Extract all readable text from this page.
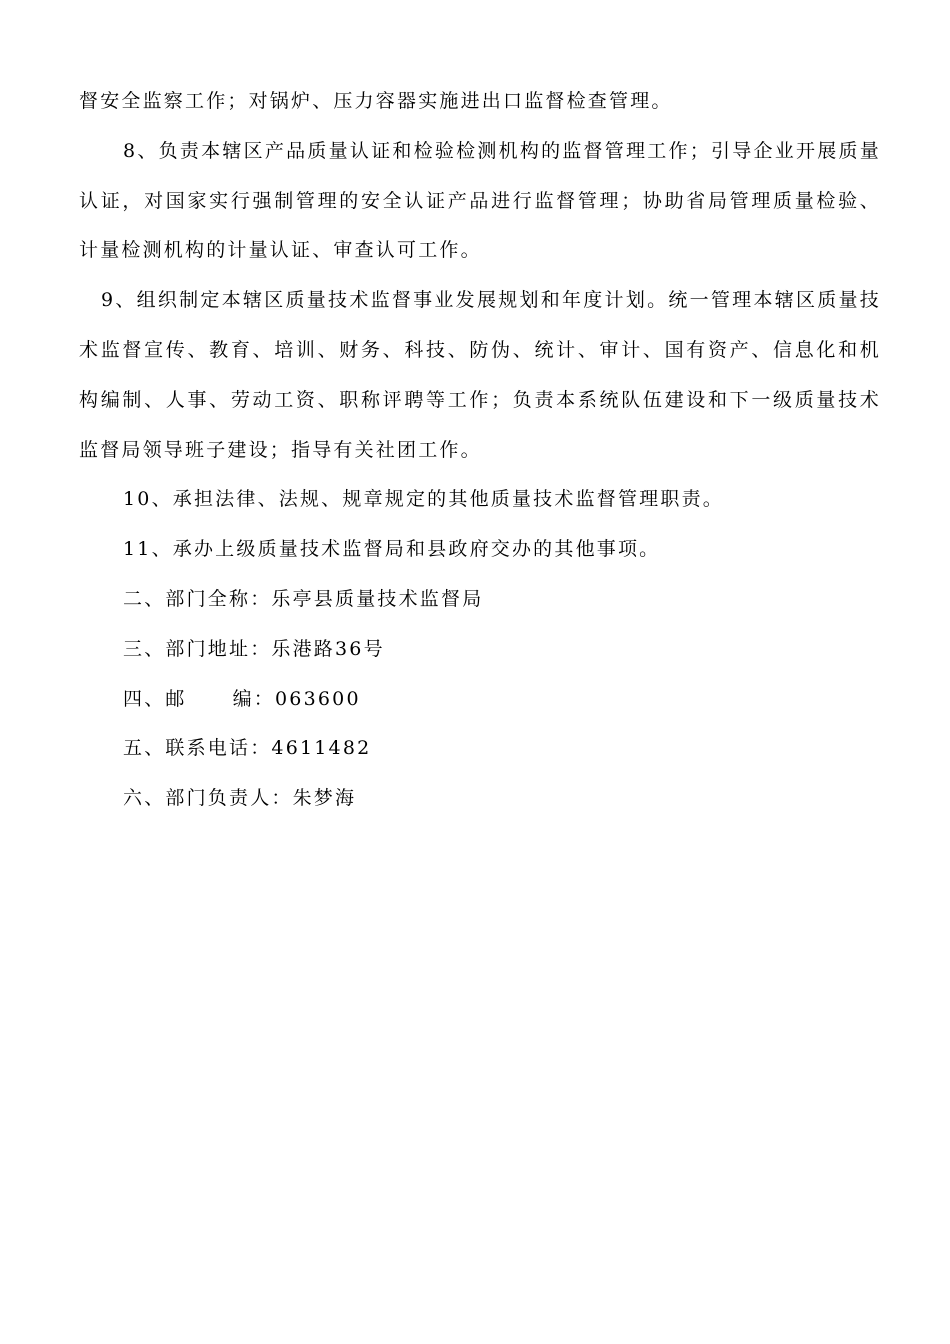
督安全监察工作；对锅炉、压力容器实施进出口监督检查管理。

8、负责本辖区产品质量认证和检验检测机构的监督管理工作；引导企业开展质量认证，对国家实行强制管理的安全认证产品进行监督管理；协助省局管理质量检验、计量检测机构的计量认证、审查认可工作。

9、组织制定本辖区质量技术监督事业发展规划和年度计划。统一管理本辖区质量技术监督宣传、教育、培训、财务、科技、防伪、统计、审计、国有资产、信息化和机构编制、人事、劳动工资、职称评聘等工作；负责本系统队伍建设和下一级质量技术监督局领导班子建设；指导有关社团工作。

10、承担法律、法规、规章规定的其他质量技术监督管理职责。

11、承办上级质量技术监督局和县政府交办的其他事项。

二、部门全称：乐亭县质量技术监督局

三、部门地址：乐港路36号

四、邮 编：063600

五、联系电话：4611482

六、部门负责人：朱梦海
